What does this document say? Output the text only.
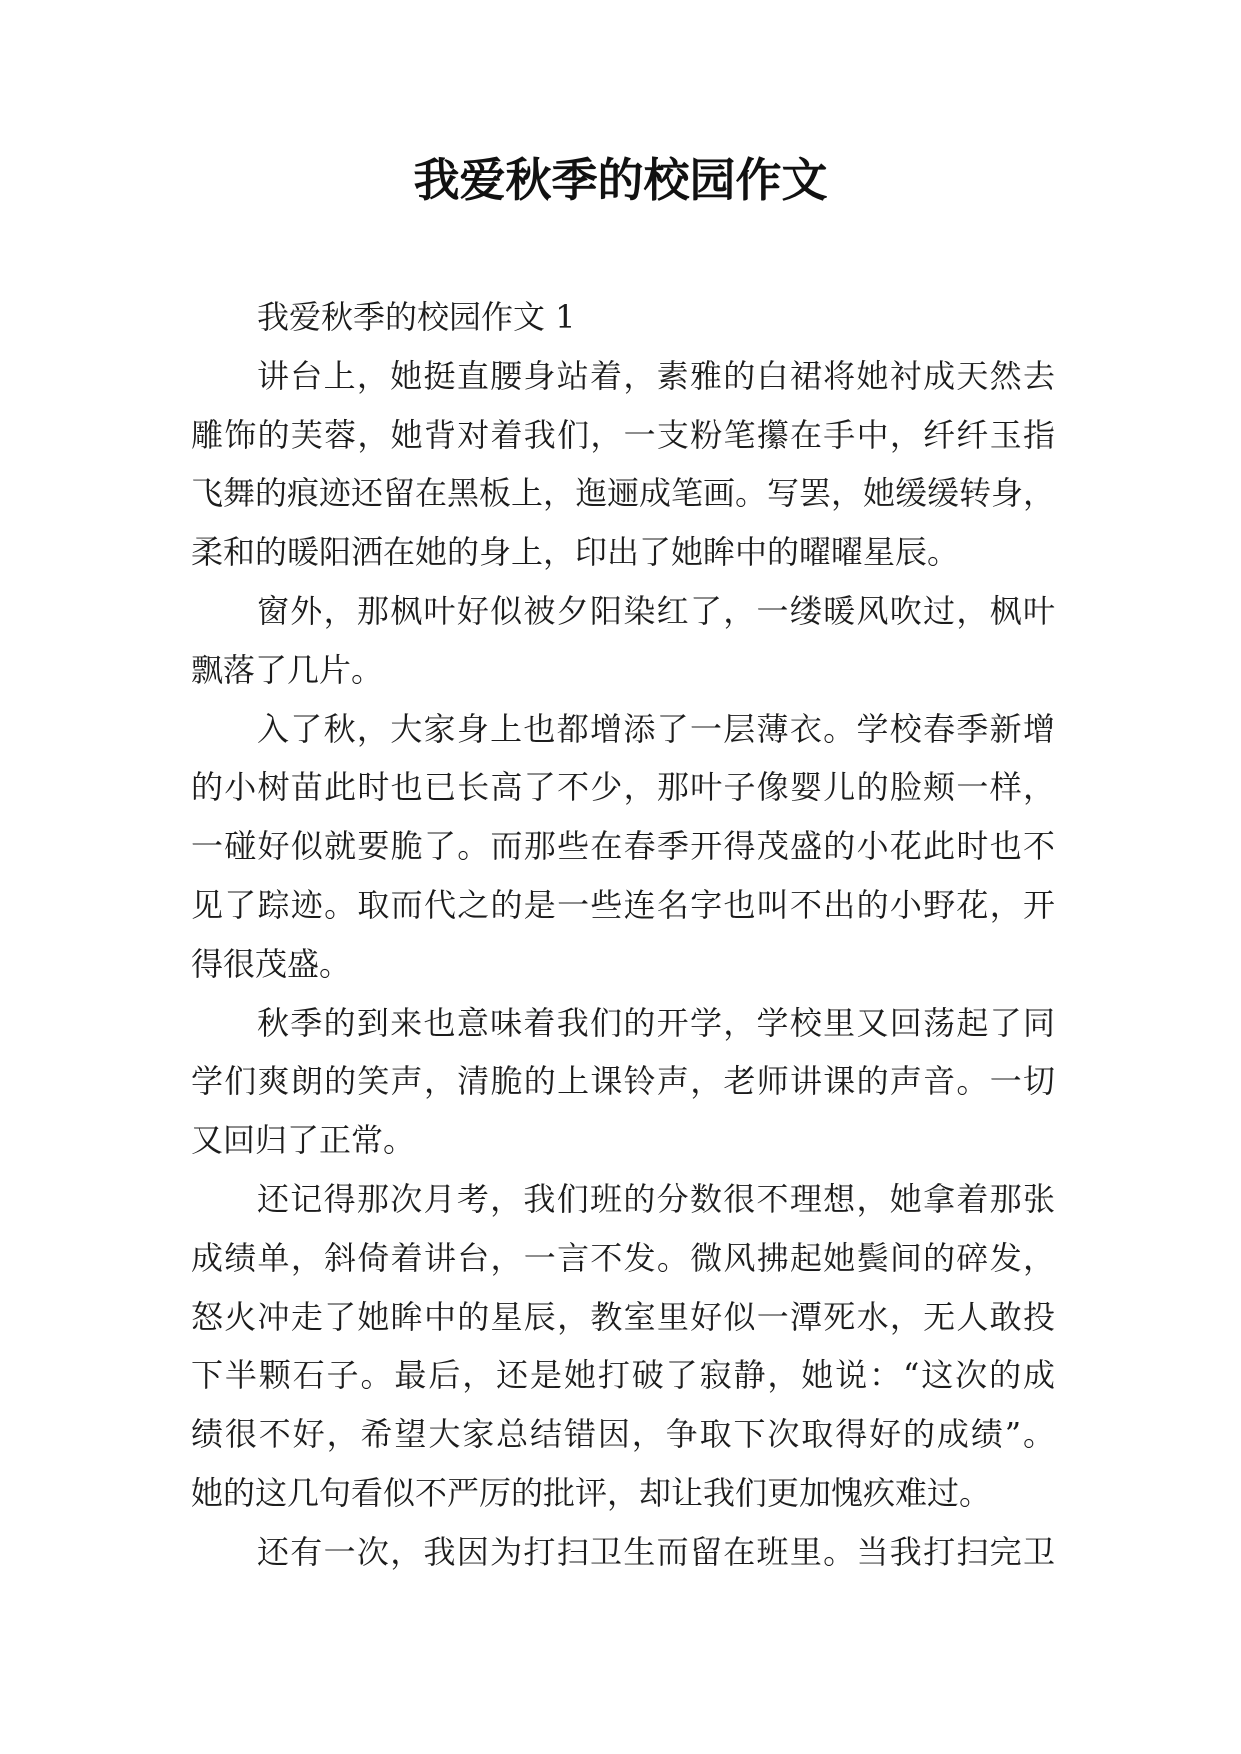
我爱秋季的校园作文
我爱秋季的校园作文 1
讲台上，她挺直腰身站着，素雅的白裙将她衬成天然去
雕饰的芙蓉，她背对着我们，一支粉笔攥在手中，纤纤玉指
飞舞的痕迹还留在黑板上，迤逦成笔画。写罢，她缓缓转身，
柔和的暖阳洒在她的身上，印出了她眸中的曜曜星辰。
窗外，那枫叶好似被夕阳染红了，一缕暖风吹过，枫叶
飘落了几片。
入了秋，大家身上也都增添了一层薄衣。学校春季新增
的小树苗此时也已长高了不少，那叶子像婴儿的脸颊一样，
一碰好似就要脆了。而那些在春季开得茂盛的小花此时也不
见了踪迹。取而代之的是一些连名字也叫不出的小野花，开
得很茂盛。
秋季的到来也意味着我们的开学，学校里又回荡起了同
学们爽朗的笑声，清脆的上课铃声，老师讲课的声音。一切
又回归了正常。
还记得那次月考，我们班的分数很不理想，她拿着那张
成绩单，斜倚着讲台，一言不发。微风拂起她鬓间的碎发，
怒火冲走了她眸中的星辰，教室里好似一潭死水，无人敢投
下半颗石子。最后，还是她打破了寂静，她说：“这次的成
绩很不好，希望大家总结错因，争取下次取得好的成绩”。
她的这几句看似不严厉的批评，却让我们更加愧疚难过。
还有一次，我因为打扫卫生而留在班里。当我打扫完卫
